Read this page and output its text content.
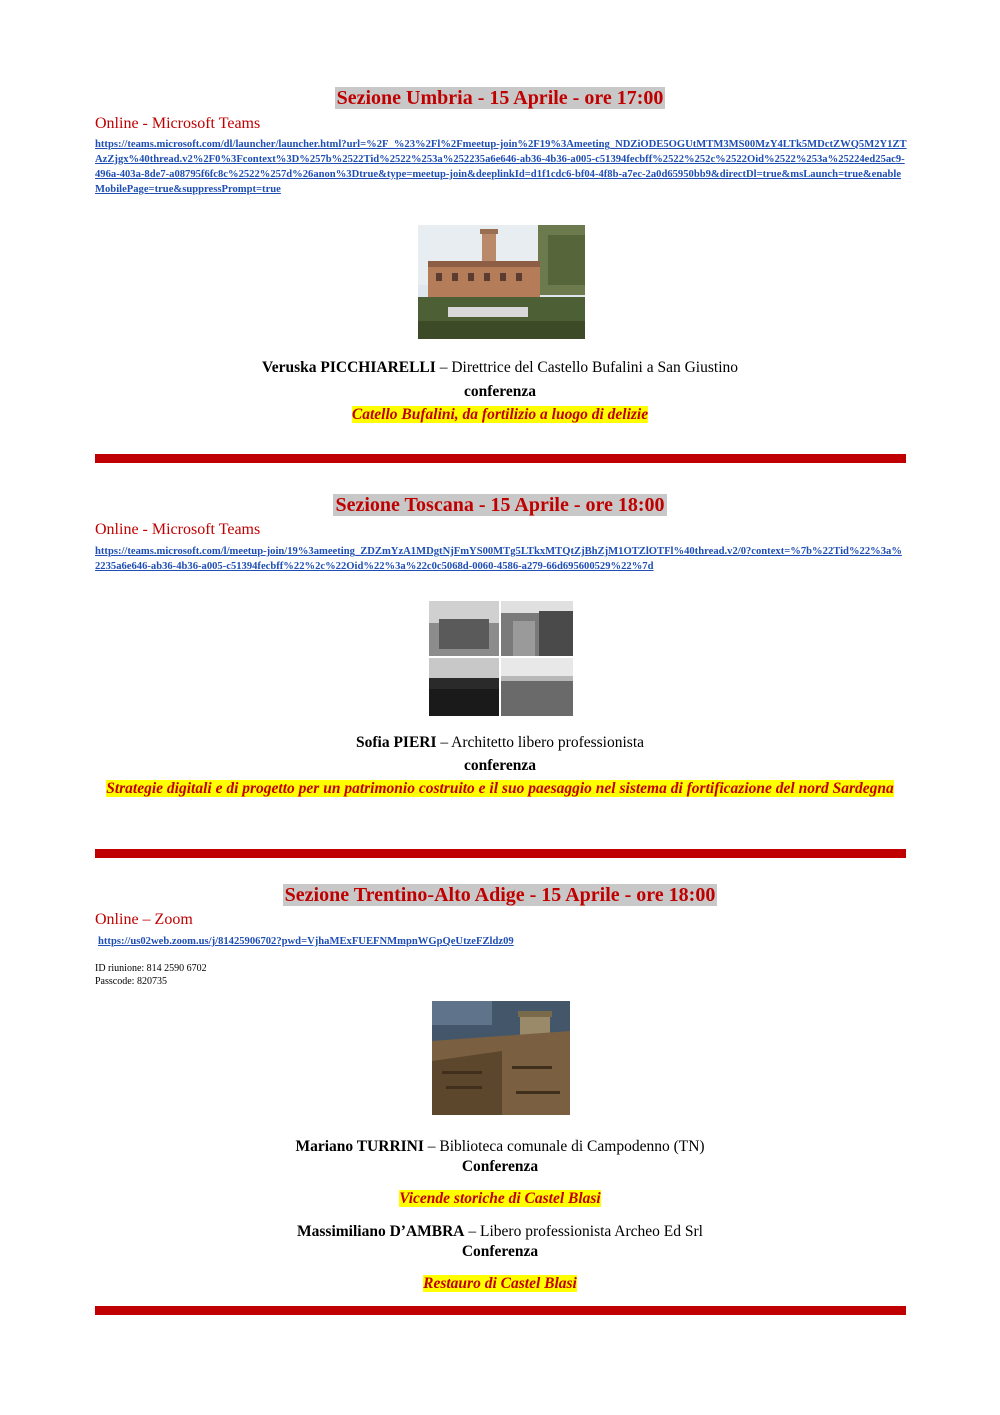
Sezione Umbria - 15 Aprile - ore 17:00
Online - Microsoft Teams
https://teams.microsoft.com/dl/launcher/launcher.html?url=%2F_%23%2Fl%2Fmeetup-join%2F19%3Ameeting_NDZiODE5OGUtMTM3MS00MzY4LTk5MDctZWQ5M2Y1ZTAzZjgx%40thread.v2%2F0%3Fcontext%3D%257b%2522Tid%2522%253a%252235a6e646-ab36-4b36-a005-c51394fecbff%2522%252c%2522Oid%2522%253a%25224ed25ac9-496a-403a-8de7-a08795f6fc8c%2522%257d%26anon%3Dtrue&type=meetup-join&deeplinkId=d1f1cdc6-bf04-4f8b-a7ec-2a0d65950bb9&directDl=true&msLaunch=true&enableMobilePage=true&suppressPrompt=true
Veruska PICCHIARELLI – Direttrice del Castello Bufalini a San Giustino
conferenza
Catello Bufalini, da fortilizio a luogo di delizie
Sezione Toscana - 15 Aprile - ore 18:00
Online - Microsoft Teams
https://teams.microsoft.com/l/meetup-join/19%3ameeting_ZDZmYzA1MDgtNjFmYS00MTg5LTkxMTQtZjBhZjM1OTZlOTFl%40thread.v2/0?context=%7b%22Tid%22%3a%2235a6e646-ab36-4b36-a005-c51394fecbff%22%2c%22Oid%22%3a%22c0c5068d-0060-4586-a279-66d695600529%22%7d
Sofia PIERI – Architetto libero professionista
conferenza
Strategie digitali e di progetto per un patrimonio costruito e il suo paesaggio nel sistema di fortificazione del nord Sardegna
Sezione Trentino-Alto Adige - 15 Aprile - ore 18:00
Online – Zoom
https://us02web.zoom.us/j/81425906702?pwd=VjhaMExFUEFNMmpnWGpQeUtzeFZldz09
ID riunione: 814 2590 6702
Passcode: 820735
Mariano TURRINI – Biblioteca comunale di Campodenno (TN)
Conferenza
Vicende storiche di Castel Blasi
Massimiliano D’AMBRA – Libero professionista Archeo Ed Srl
Conferenza
Restauro di Castel Blasi
